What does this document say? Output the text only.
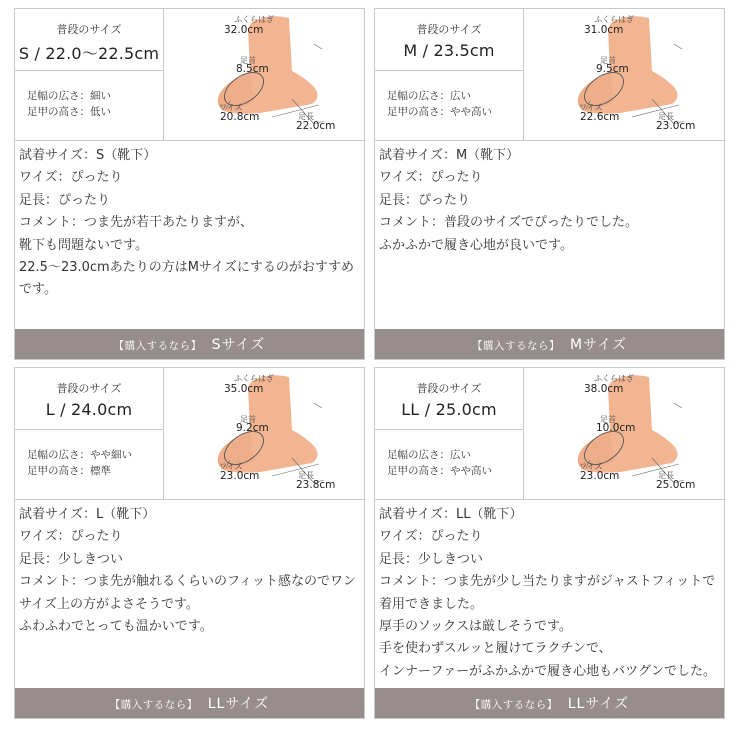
普段のサイズ
S / 22.0〜22.5cm
足幅の広さ：細い
足甲の高さ：低い
ふくらはぎ
32.0cm
足首
8.5cm
ワイズ
20.8cm	足長
22.0cm
試着サイズ：S（靴下）
ワイズ：ぴったり
足長：ぴったり
コメント：つま先が若干あたりますが、
靴下も問題ないです。
22.5〜23.0cmあたりの方はMサイズにするのがおすすめです。
【購入するなら】 Sサイズ
普段のサイズ
M / 23.5cm
足幅の広さ：広い
足甲の高さ：やや高い
ふくらはぎ
31.0cm
足首
9.5cm
ワイズ
22.6cm	足長
23.0cm
試着サイズ：M（靴下）
ワイズ：ぴったり
足長：ぴったり
コメント：普段のサイズでぴったりでした。
ふかふかで履き心地が良いです。
【購入するなら】 Mサイズ
普段のサイズ
L / 24.0cm
足幅の広さ：やや細い
足甲の高さ：標準
ふくらはぎ
35.0cm
足首
9.2cm
ワイズ
23.0cm	足長
23.8cm
試着サイズ：L（靴下）
ワイズ：ぴったり
足長：少しきつい
コメント：つま先が触れるくらいのフィット感なのでワンサイズ上の方がよさそうです。
ふわふわでとっても温かいです。
【購入するなら】 LLサイズ
普段のサイズ
LL / 25.0cm
足幅の広さ：広い
足甲の高さ：やや高い
ふくらはぎ
38.0cm
足首
10.0cm
ワイズ
23.0cm	足長
25.0cm
試着サイズ：LL（靴下）
ワイズ：ぴったり
足長：少しきつい
コメント：つま先が少し当たりますがジャストフィットで着用できました。
厚手のソックスは厳しそうです。
手を使わずスルッと履けてラクチンで、
インナーファーがふかふかで履き心地もバツグンでした。
【購入するなら】 LLサイズ
